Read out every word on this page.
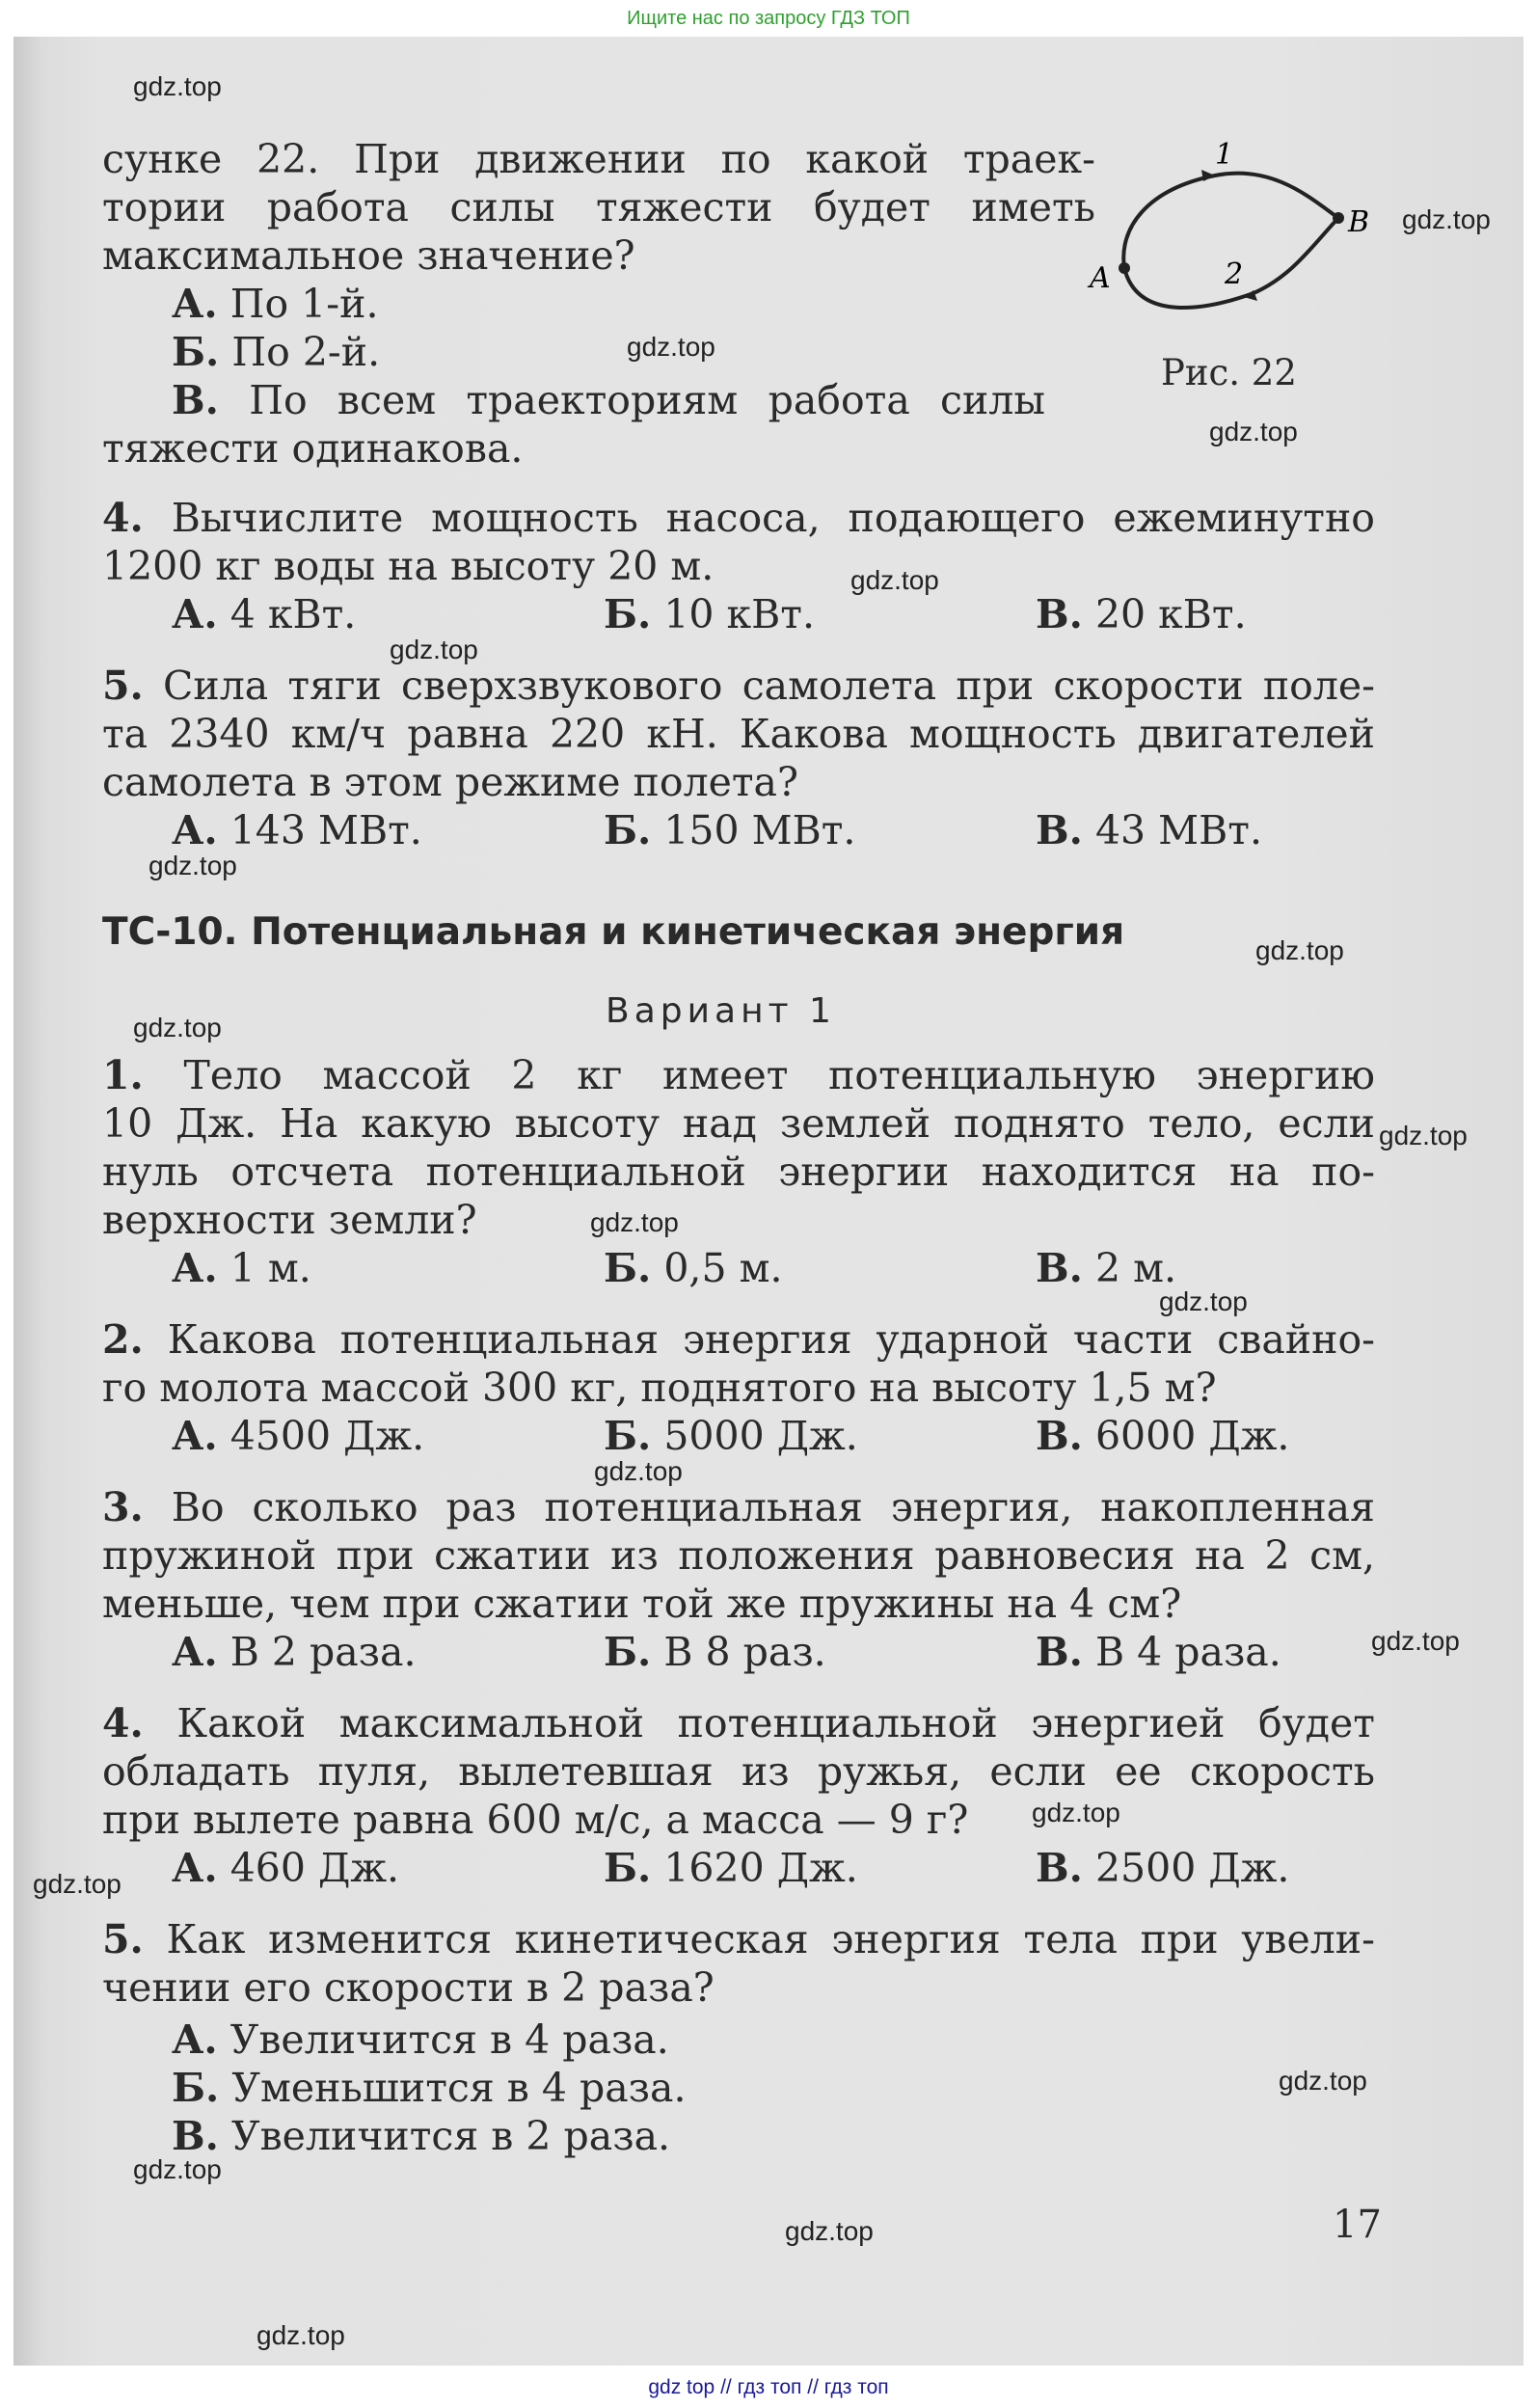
Ищите нас по запросу ГДЗ ТОП
сунке 22. При движении по какой траек-
тории работа силы тяжести будет иметь
максимальное значение?
А. По 1-й.
Б. По 2-й.
В. По всем траекториям работа силы
тяжести одинакова.
1
2
A
B
Рис. 22
4. Вычислите мощность насоса, подающего ежеминутно
1200 кг воды на высоту 20 м.
А. 4 кВт.	Б. 10 кВт.	В. 20 кВт.
5. Сила тяги сверхзвукового самолета при скорости поле-
та 2340 км/ч равна 220 кН. Какова мощность двигателей
самолета в этом режиме полета?
А. 143 МВт.	Б. 150 МВт.	В. 43 МВт.
ТС-10. Потенциальная и кинетическая энергия
Вариант 1
1. Тело массой 2 кг имеет потенциальную энергию
10 Дж. На какую высоту над землей поднято тело, если
нуль отсчета потенциальной энергии находится на по-
верхности земли?
А. 1 м.	Б. 0,5 м.	В. 2 м.
2. Какова потенциальная энергия ударной части свайно-
го молота массой 300 кг, поднятого на высоту 1,5 м?
А. 4500 Дж.	Б. 5000 Дж.	В. 6000 Дж.
3. Во сколько раз потенциальная энергия, накопленная
пружиной при сжатии из положения равновесия на 2 см,
меньше, чем при сжатии той же пружины на 4 см?
А. В 2 раза.	Б. В 8 раз.	В. В 4 раза.
4. Какой максимальной потенциальной энергией будет
обладать пуля, вылетевшая из ружья, если ее скорость
при вылете равна 600 м/с, а масса — 9 г?
А. 460 Дж.	Б. 1620 Дж.	В. 2500 Дж.
5. Как изменится кинетическая энергия тела при увели-
чении его скорости в 2 раза?
А. Увеличится в 4 раза.
Б. Уменьшится в 4 раза.
В. Увеличится в 2 раза.
17
gdz.top
gdz.top
gdz.top
gdz.top
gdz.top
gdz.top
gdz.top
gdz.top
gdz.top
gdz.top
gdz.top
gdz.top
gdz.top
gdz.top
gdz.top
gdz.top
gdz.top
gdz.top
gdz.top
gdz.top
gdz top // гдз топ // гдз топ
